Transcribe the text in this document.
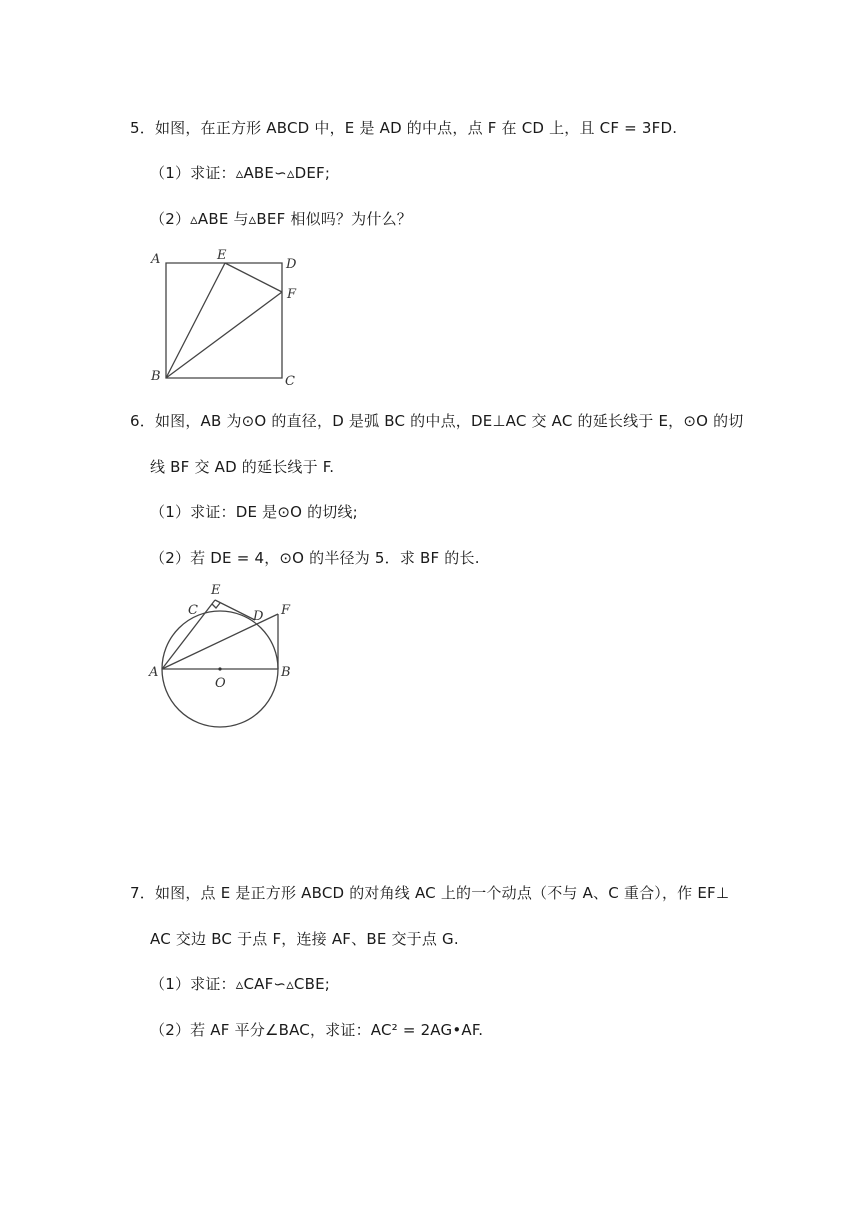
5．如图，在正方形 ABCD 中，E 是 AD 的中点，点 F 在 CD 上，且 CF = 3FD.
（1）求证：▵ABE∽▵DEF;
（2）▵ABE 与▵BEF 相似吗？为什么？
A	E
D
F
B	C
6．如图，AB 为⊙O 的直径，D 是弧 BC 的中点，DE⊥AC 交 AC 的延长线于 E，⊙O 的切
线 BF 交 AD 的延长线于 F.
（1）求证：DE 是⊙O 的切线;
（2）若 DE = 4，⊙O 的半径为 5．求 BF 的长.
E
C	D F
A
O
B
7．如图，点 E 是正方形 ABCD 的对角线 AC 上的一个动点（不与 A、C 重合），作 EF⊥
AC 交边 BC 于点 F，连接 AF、BE 交于点 G.
（1）求证：▵CAF∽▵CBE;
（2）若 AF 平分∠BAC，求证：AC² = 2AG•AF.
